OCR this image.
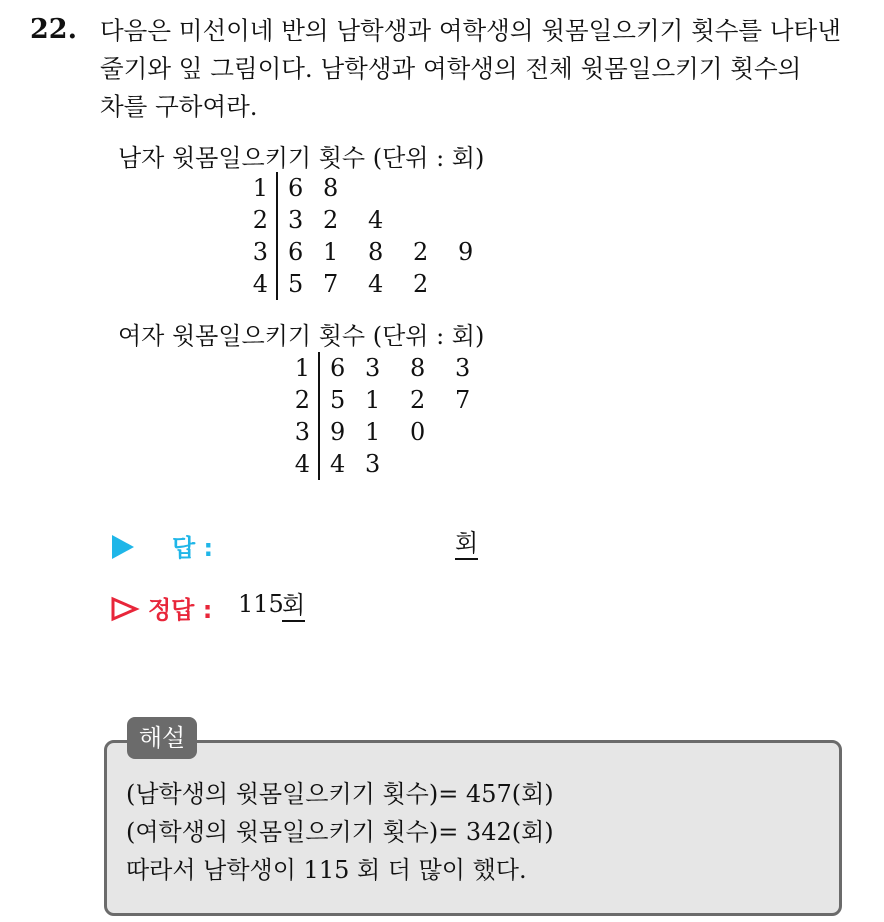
22. 다음은 미선이네 반의 남학생과 여학생의 윗몸일으키기 횟수를 나타낸
줄기와 잎 그림이다. 남학생과 여학생의 전체 윗몸일으키기 횟수의
차를 구하여라.
남자 윗몸일으키기 횟수 (단위 : 회)
1	6	8			
2	3	2	4		
3	6	1	8	2	9
4	5	7	4	2	
여자 윗몸일으키기 횟수 (단위 : 회)
1	6	3	8	3
2	5	1	2	7
3	9	1	0	
4	4	3		
답 :	회
정답 : 115
회
해설
(남학생의 윗몸일으키기 횟수)= 457(회)
(여학생의 윗몸일으키기 횟수)= 342(회)
따라서 남학생이 115 회 더 많이 했다.
